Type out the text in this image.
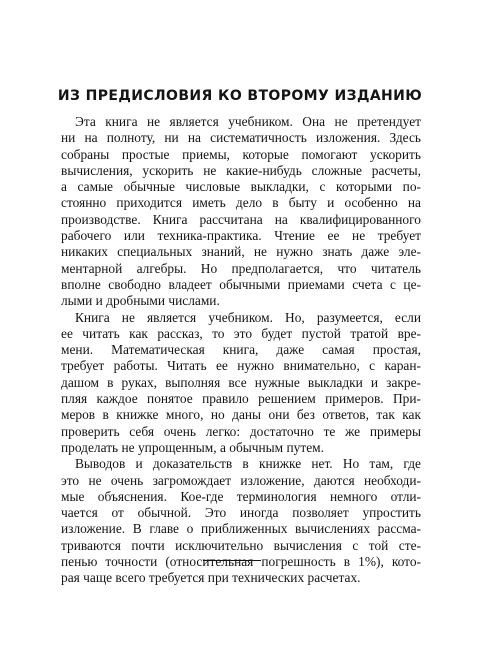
ИЗ ПРЕДИСЛОВИЯ КО ВТОРОМУ ИЗДАНИЮ
Эта книга не является учебником. Она не претендует
ни на полноту, ни на систематичность изложения. Здесь
собраны простые приемы, которые помогают ускорить
вычисления, ускорить не какие-нибудь сложные расчеты,
а самые обычные числовые выкладки, с которыми по-
стоянно приходится иметь дело в быту и особенно на
производстве. Книга рассчитана на квалифицированного
рабочего или техника-практика. Чтение ее не требует
никаких специальных знаний, не нужно знать даже эле-
ментарной алгебры. Но предполагается, что читатель
вполне свободно владеет обычными приемами счета с це-
лыми и дробными числами.
Книга не является учебником. Но, разумеется, если
ее читать как рассказ, то это будет пустой тратой вре-
мени. Математическая книга, даже самая простая,
требует работы. Читать ее нужно внимательно, с каран-
дашом в руках, выполняя все нужные выкладки и закре-
пляя каждое понятое правило решением примеров. При-
меров в книжке много, но даны они без ответов, так как
проверить себя очень легко: достаточно те же примеры
проделать не упрощенным, а обычным путем.
Выводов и доказательств в книжке нет. Но там, где
это не очень загромождает изложение, даются необходи-
мые объяснения. Кое-где терминология немного отли-
чается от обычной. Это иногда позволяет упростить
изложение. В главе о приближенных вычислениях рассма-
триваются почти исключительно вычисления с той сте-
пенью точности (относительная погрешность в 1%), кото-
рая чаще всего требуется при технических расчетах.
